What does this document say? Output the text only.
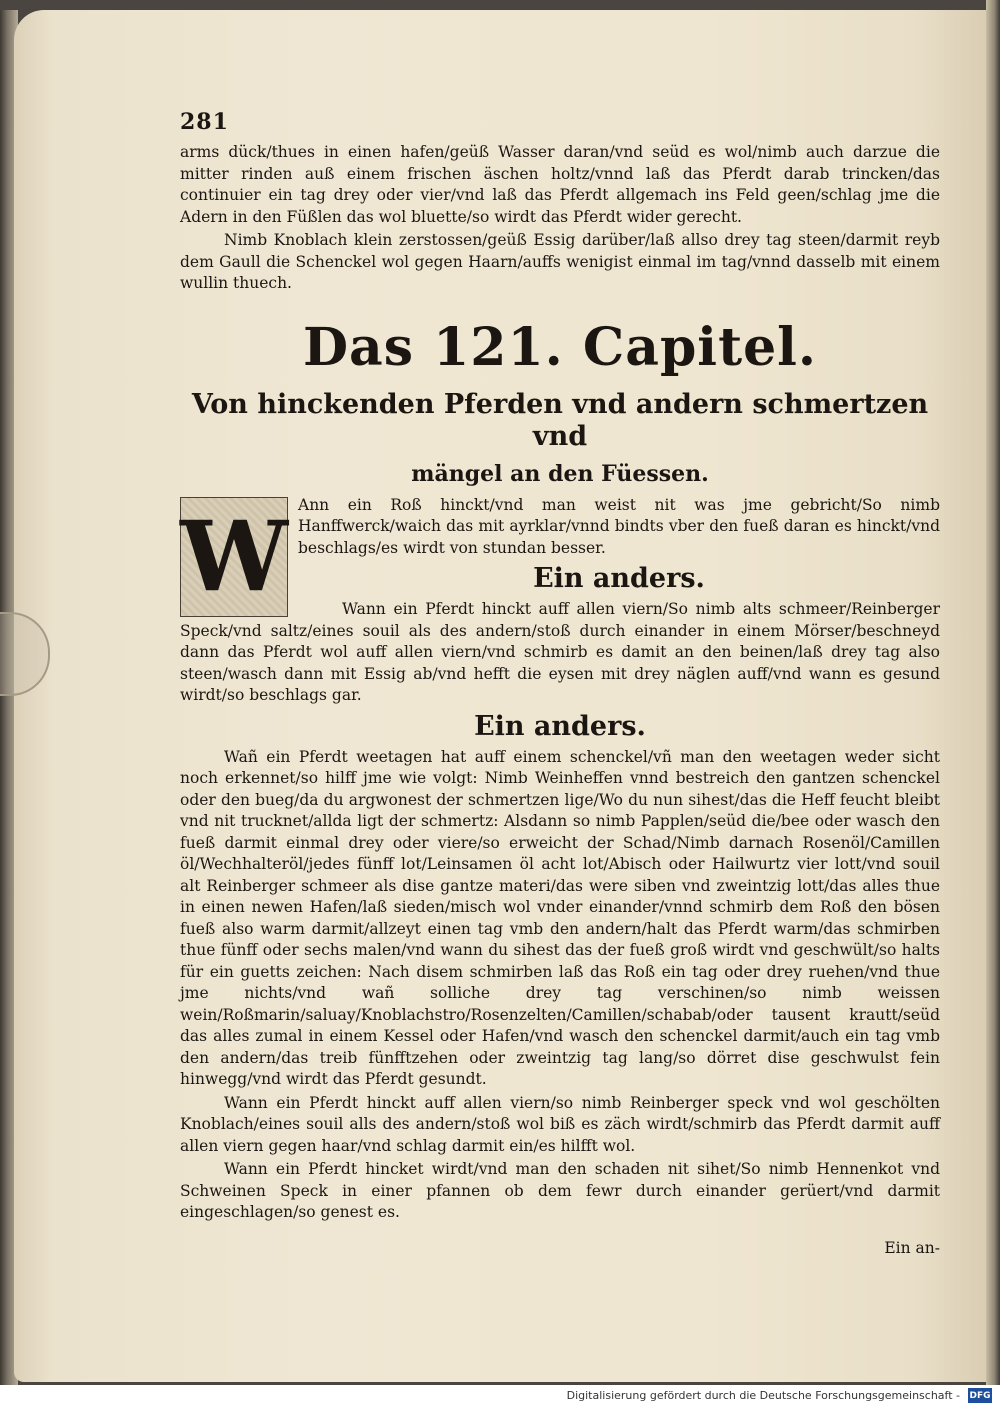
281

arms dück/thues in einen hafen/geüß Wasser daran/vnd seüd es wol/nimb auch darzue die mitter rinden auß einem frischen äschen holtz/vnnd laß das Pferdt darab trincken/das continuier ein tag drey oder vier/vnd laß das Pferdt allgemach ins Feld geen/schlag jme die Adern in den Füßlen das wol bluette/so wirdt das Pferdt wider gerecht.

Nimb Knoblach klein zerstossen/geüß Essig darüber/laß allso drey tag steen/darmit reyb dem Gaull die Schenckel wol gegen Haarn/auffs wenigist einmal im tag/vnnd dasselb mit einem wullin thuech.

Das 121. Capitel.
Von hinckenden Pferden vnd andern schmertzen vnd
mängel an den Füessen.
W Ann ein Roß hinckt/vnd man weist nit was jme gebricht/So nimb Hanffwerck/waich das mit ayrklar/vnnd bindts vber den fueß daran es hinckt/vnd beschlags/es wirdt von stundan besser.

Ein anders.

Wann ein Pferdt hinckt auff allen viern/So nimb alts schmeer/Reinberger Speck/vnd saltz/eines souil als des andern/stoß durch einander in einem Mörser/beschneyd dann das Pferdt wol auff allen viern/vnd schmirb es damit an den beinen/laß drey tag also steen/wasch dann mit Essig ab/vnd hefft die eysen mit drey näglen auff/vnd wann es gesund wirdt/so beschlags gar.

Ein anders.

Wañ ein Pferdt weetagen hat auff einem schenckel/vñ man den weetagen weder sicht noch erkennet/so hilff jme wie volgt: Nimb Weinheffen vnnd bestreich den gantzen schenckel oder den bueg/da du argwonest der schmertzen lige/Wo du nun sihest/das die Heff feucht bleibt vnd nit trucknet/allda ligt der schmertz: Alsdann so nimb Papplen/seüd die/bee oder wasch den fueß darmit einmal drey oder viere/so erweicht der Schad/Nimb darnach Rosenöl/Camillen öl/Wechhalteröl/jedes fünff lot/Leinsamen öl acht lot/Abisch oder Hailwurtz vier lott/vnd souil alt Reinberger schmeer als dise gantze materi/das were siben vnd zweintzig lott/das alles thue in einen newen Hafen/laß sieden/misch wol vnder einander/vnnd schmirb dem Roß den bösen fueß also warm darmit/allzeyt einen tag vmb den andern/halt das Pferdt warm/das schmirben thue fünff oder sechs malen/vnd wann du sihest das der fueß groß wirdt vnd geschwült/so halts für ein guetts zeichen: Nach disem schmirben laß das Roß ein tag oder drey ruehen/vnd thue jme nichts/vnd wañ solliche drey tag verschinen/so nimb weissen wein/Roßmarin/saluay/Knoblachstro/Rosenzelten/Camillen/schabab/oder tausent krautt/seüd das alles zumal in einem Kessel oder Hafen/vnd wasch den schenckel darmit/auch ein tag vmb den andern/das treib fünfftzehen oder zweintzig tag lang/so dörret dise geschwulst fein hinwegg/vnd wirdt das Pferdt gesundt.

Wann ein Pferdt hinckt auff allen viern/so nimb Reinberger speck vnd wol geschölten Knoblach/eines souil alls des andern/stoß wol biß es zäch wirdt/schmirb das Pferdt darmit auff allen viern gegen haar/vnd schlag darmit ein/es hilfft wol.

Wann ein Pferdt hincket wirdt/vnd man den schaden nit sihet/So nimb Hennenkot vnd Schweinen Speck in einer pfannen ob dem fewr durch einander gerüert/vnd darmit eingeschlagen/so genest es.

Ein an-
Digitalisierung gefördert durch die Deutsche Forschungsgemeinschaft - DFG
